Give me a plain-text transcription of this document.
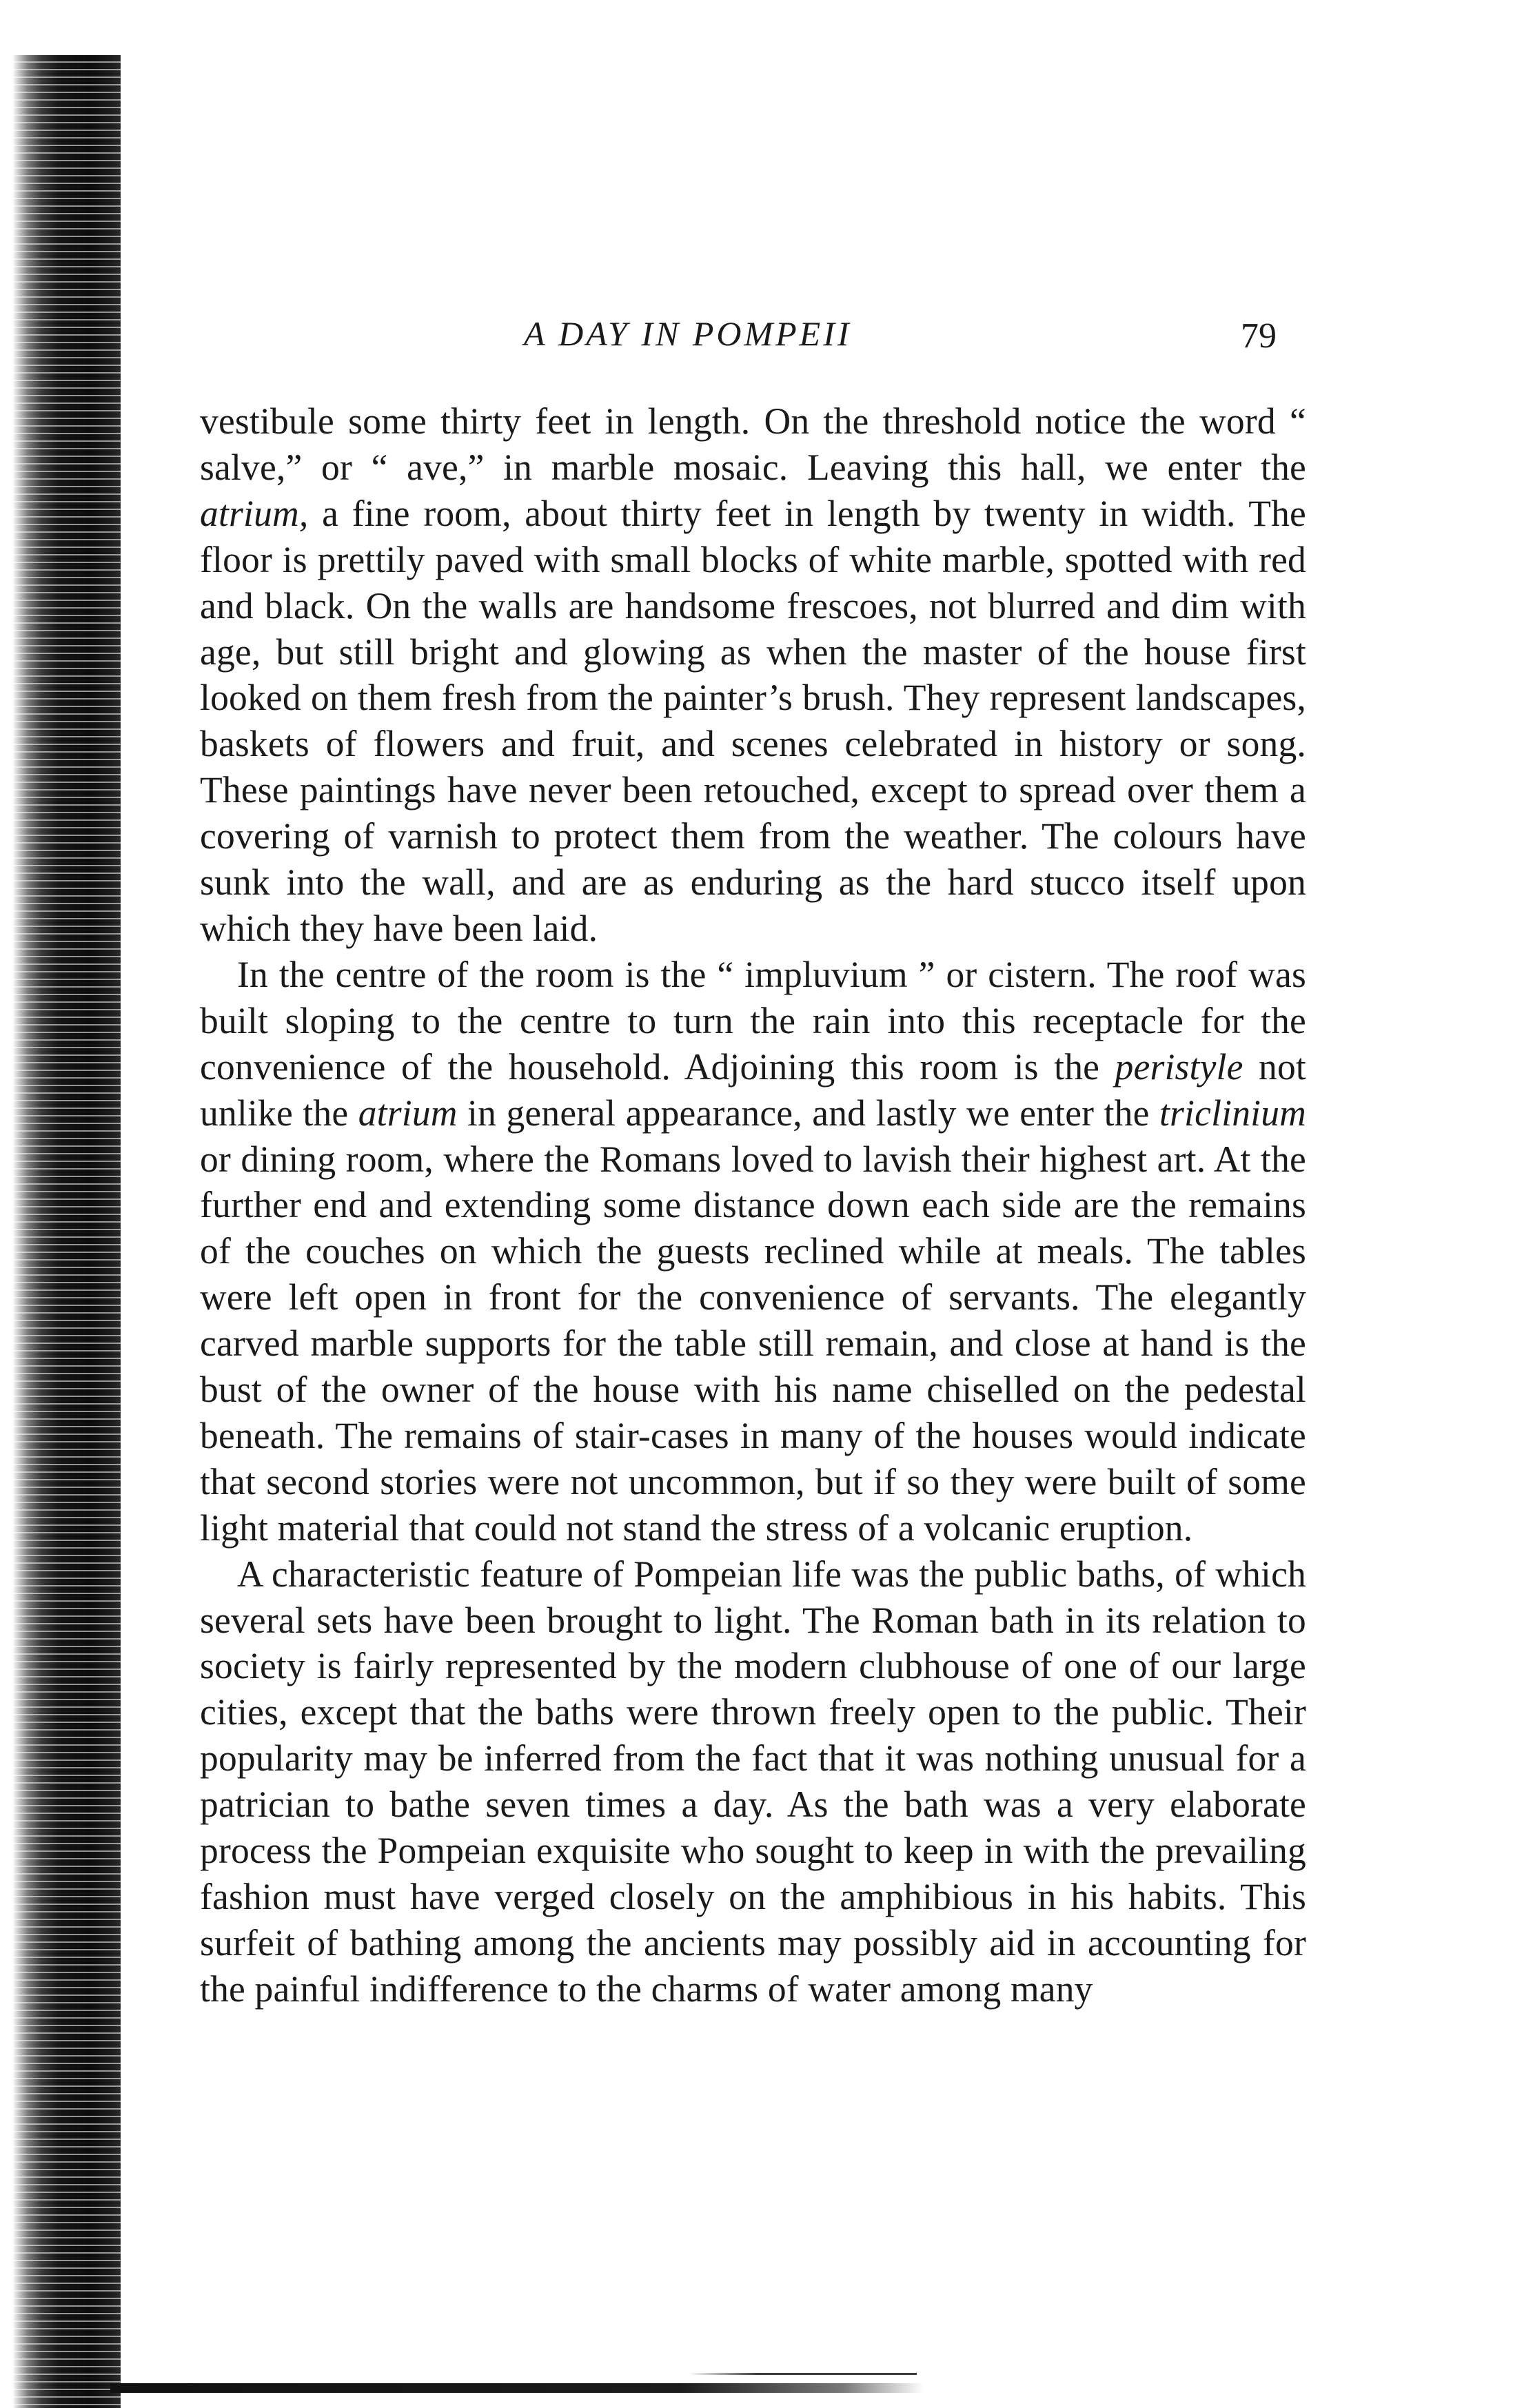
A DAY IN POMPEII	79

vestibule some thirty feet in length. On the threshold notice the word “ salve,” or “ ave,” in marble mosaic. Leaving this hall, we enter the atrium, a fine room, about thirty feet in length by twenty in width. The floor is prettily paved with small blocks of white marble, spotted with red and black. On the walls are handsome frescoes, not blurred and dim with age, but still bright and glowing as when the master of the house first looked on them fresh from the painter’s brush. They represent landscapes, baskets of flowers and fruit, and scenes celebrated in history or song. These paintings have never been retouched, except to spread over them a covering of varnish to protect them from the weather. The colours have sunk into the wall, and are as enduring as the hard stucco itself upon which they have been laid.

In the centre of the room is the “ impluvium ” or cistern. The roof was built sloping to the centre to turn the rain into this receptacle for the convenience of the household. Adjoining this room is the peristyle not unlike the atrium in general appearance, and lastly we enter the triclinium or dining room, where the Romans loved to lavish their highest art. At the further end and extending some distance down each side are the remains of the couches on which the guests reclined while at meals. The tables were left open in front for the convenience of servants. The elegantly carved marble supports for the table still remain, and close at hand is the bust of the owner of the house with his name chiselled on the pedestal beneath. The remains of stair-cases in many of the houses would indicate that second stories were not uncommon, but if so they were built of some light material that could not stand the stress of a volcanic eruption.

A characteristic feature of Pompeian life was the public baths, of which several sets have been brought to light. The Roman bath in its relation to society is fairly represented by the modern clubhouse of one of our large cities, except that the baths were thrown freely open to the public. Their popularity may be inferred from the fact that it was nothing unusual for a patrician to bathe seven times a day. As the bath was a very elaborate process the Pompeian exquisite who sought to keep in with the prevailing fashion must have verged closely on the amphibious in his habits. This surfeit of bathing among the ancients may possibly aid in accounting for the painful indifference to the charms of water among many
